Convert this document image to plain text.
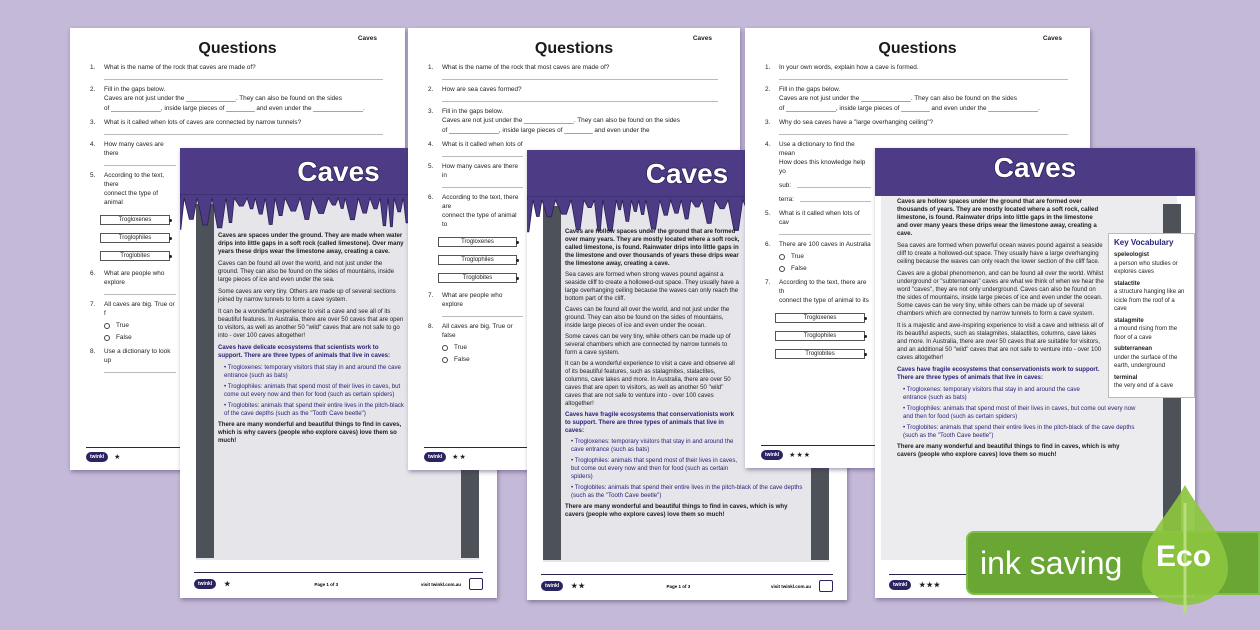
Caves
Questions
1.	What is the name of the rock that caves are made of?
2.	Fill in the gaps below.
Caves are not just under the ______________. They can also be found on the sides
of ______________, inside large pieces of ________ and even under the ______________.
3.	What is it called when lots of caves are connected by narrow tunnels?
4.	How many caves are there
5.	According to the text, there
connect the type of animal
Trogloxenes
Troglophiles
Troglobites
6.	What are people who explore
7.	All caves are big. True or f
True
False
8.	Use a dictionary to look up
twinkl	★
Caves

Caves are spaces under the ground. They are made when water drips into little gaps in a soft rock (called limestone). Over many years these drips wear the limestone away, creating a cave.

Caves can be found all over the world, and not just under the ground. They can also be found on the sides of mountains, inside large pieces of ice and even under the sea.

Some caves are very tiny. Others are made up of several sections joined by narrow tunnels to form a cave system.

It can be a wonderful experience to visit a cave and see all of its beautiful features. In Australia, there are over 50 caves that are open to visitors, as well as another 50 "wild" caves that are not safe to go into - over 100 caves altogether!

Caves have delicate ecosystems that scientists work to support. There are three types of animals that live in caves:

• Trogloxenes: temporary visitors that stay in and around the cave entrance (such as bats)

• Troglophiles: animals that spend most of their lives in caves, but come out every now and then for food (such as certain spiders)

• Troglobites: animals that spend their entire lives in the pitch-black of the cave depths (such as the "Tooth Cave beetle")

There are many wonderful and beautiful things to find in caves, which is why cavers (people who explore caves) love them so much!

twinkl	★	Page 1 of 3	visit twinkl.com.au
Caves
Questions
1.	What is the name of the rock that most caves are made of?
2.	How are sea caves formed?
3.	Fill in the gaps below.
Caves are not just under the ______________. They can also be found on the sides
of ______________, inside large pieces of ________ and even under the
4.	What is it called when lots of
5.	How many caves are there in
6.	According to the text, there are
connect the type of animal to
Trogloxenes
Troglophiles
Troglobites
7.	What are people who explore
8.	All caves are big. True or false
True
False
twinkl	★★
Caves

Caves are hollow spaces under the ground that are formed over many years. They are mostly located where a soft rock, called limestone, is found. Rainwater drips into little gaps in the limestone and over thousands of years these drips wear the limestone away, creating a cave.

Sea caves are formed when strong waves pound against a seaside cliff to create a hollowed-out space. They usually have a large overhanging ceiling because the waves can only reach the bottom part of the cliff.

Caves can be found all over the world, and not just under the ground. They can also be found on the sides of mountains, inside large pieces of ice and even under the ocean.

Some caves can be very tiny, while others can be made up of several chambers which are connected by narrow tunnels to form a cave system.

It can be a wonderful experience to visit a cave and observe all of its beautiful features, such as stalagmites, stalactites, columns, cave lakes and more. In Australia, there are over 50 caves that are open to visitors, as well as another 50 "wild" caves that are not safe to venture into - over 100 caves altogether!

Caves have fragile ecosystems that conservationists work to support. There are three types of animals that live in caves:

• Trogloxenes: temporary visitors that stay in and around the cave entrance (such as bats)

• Troglophiles: animals that spend most of their lives in caves, but come out every now and then for food (such as certain spiders)

• Troglobites: animals that spend their entire lives in the pitch-black of the cave depths (such as the "Tooth Cave beetle")

There are many wonderful and beautiful things to find in caves, which is why cavers (people who explore caves) love them so much!

twinkl	★★	Page 1 of 3	visit twinkl.com.au
Caves
Questions
1.	In your own words, explain how a cave is formed.
2.	Fill in the gaps below.
Caves are not just under the ______________. They can also be found on the sides
of ______________, inside large pieces of ________ and even under the ______________.
3.	Why do sea caves have a "large overhanging ceiling"?
4.	Use a dictionary to find the mean
How does this knowledge help yo
sub:
terra:
5.	What is it called when lots of cav
6.	There are 100 caves in Australia
True
False
7.	According to the text, there are th
connect the type of animal to its
Trogloxenes
Troglophiles
Troglobites
twinkl	★★★
Caves
Key Vocabulary
speleologist
a person who studies or explores caves
stalactite
a structure hanging like an icicle from the roof of a cave
stalagmite
a mound rising from the floor of a cave
subterranean
under the surface of the earth, underground
terminal
the very end of a cave

Caves are hollow spaces under the ground that are formed over thousands of years. They are mostly located where a soft rock, called limestone, is found. Rainwater drips into little gaps in the limestone and over many years these drips wear the limestone away, creating a cave.

Sea caves are formed when powerful ocean waves pound against a seaside cliff to create a hollowed-out space. They usually have a large overhanging ceiling because the waves can only reach the lower section of the cliff face.

Caves are a global phenomenon, and can be found all over the world. Whilst underground or "subterranean" caves are what we think of when we hear the word "caves", they are not only underground. Caves can also be found on the sides of mountains, inside large pieces of ice and even under the ocean. Some caves can be very tiny, while others can be made up of several chambers which are connected by narrow tunnels to form a cave system.

It is a majestic and awe-inspiring experience to visit a cave and witness all of its beautiful aspects, such as stalagmites, stalactites, columns, cave lakes and more. In Australia, there are over 50 caves that are suitable for visitors, and an additional 50 "wild" caves that are not safe to venture into - over 100 caves altogether!

Caves have fragile ecosystems that conservationists work to support. There are three types of animals that live in caves:

• Trogloxenes: temporary visitors that stay in and around the cave entrance (such as bats)

• Troglophiles: animals that spend most of their lives in caves, but come out every now and then for food (such as certain spiders)

• Troglobites: animals that spend their entire lives in the pitch-black of the cave depths (such as the "Tooth Cave beetle")

There are many wonderful and beautiful things to find in caves, which is why cavers (people who explore caves) love them so much!

twinkl	★★★
ink saving	Eco
